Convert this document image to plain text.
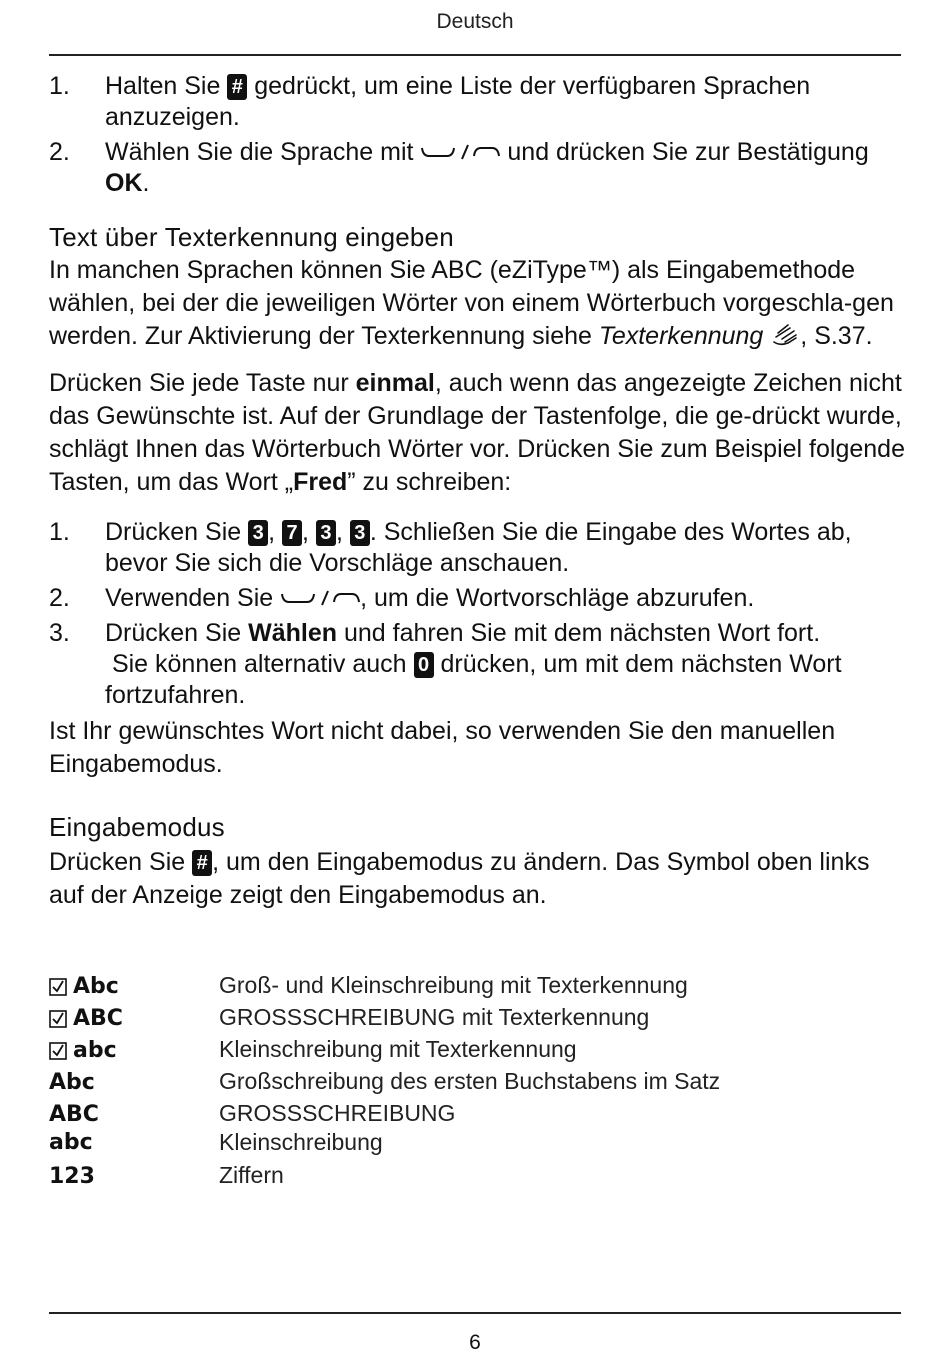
Deutsch
1. Halten Sie # gedrückt, um eine Liste der verfügbaren Sprachen anzuzeigen.
2. Wählen Sie die Sprache mit	und drücken Sie zur Bestätigung OK.
Text über Texterkennung eingeben

In manchen Sprachen können Sie ABC (eZiType™) als Eingabemethode wählen, bei der die jeweiligen Wörter von einem Wörterbuch vorgeschla-gen werden. Zur Aktivierung der Texterkennung siehe Texterkennung , S.37.

Drücken Sie jede Taste nur einmal, auch wenn das angezeigte Zeichen nicht das Gewünschte ist. Auf der Grundlage der Tastenfolge, die ge-drückt wurde, schlägt Ihnen das Wörterbuch Wörter vor. Drücken Sie zum Beispiel folgende Tasten, um das Wort „Fred” zu schreiben:

1. Drücken Sie 3 , 7 , 3 , 3 . Schließen Sie die Eingabe des Wortes ab, bevor Sie sich die Vorschläge anschauen.
2. Verwenden Sie	, um die Wortvorschläge abzurufen.
3. Drücken Sie Wählen und fahren Sie mit dem nächsten Wort fort.
Sie können alternativ auch 0 drücken, um mit dem nächsten Wort fortzufahren.

Ist Ihr gewünschtes Wort nicht dabei, so verwenden Sie den manuellen Eingabemodus.

Eingabemodus

Drücken Sie # , um den Eingabemodus zu ändern. Das Symbol oben links auf der Anzeige zeigt den Eingabemodus an.

Abc	Groß- und Kleinschreibung mit Texterkennung
ABC	GROSSSCHREIBUNG mit Texterkennung
abc	Kleinschreibung mit Texterkennung
Abc	Großschreibung des ersten Buchstabens im Satz
ABC	GROSSSCHREIBUNG
abc	Kleinschreibung
123	Ziffern
6
